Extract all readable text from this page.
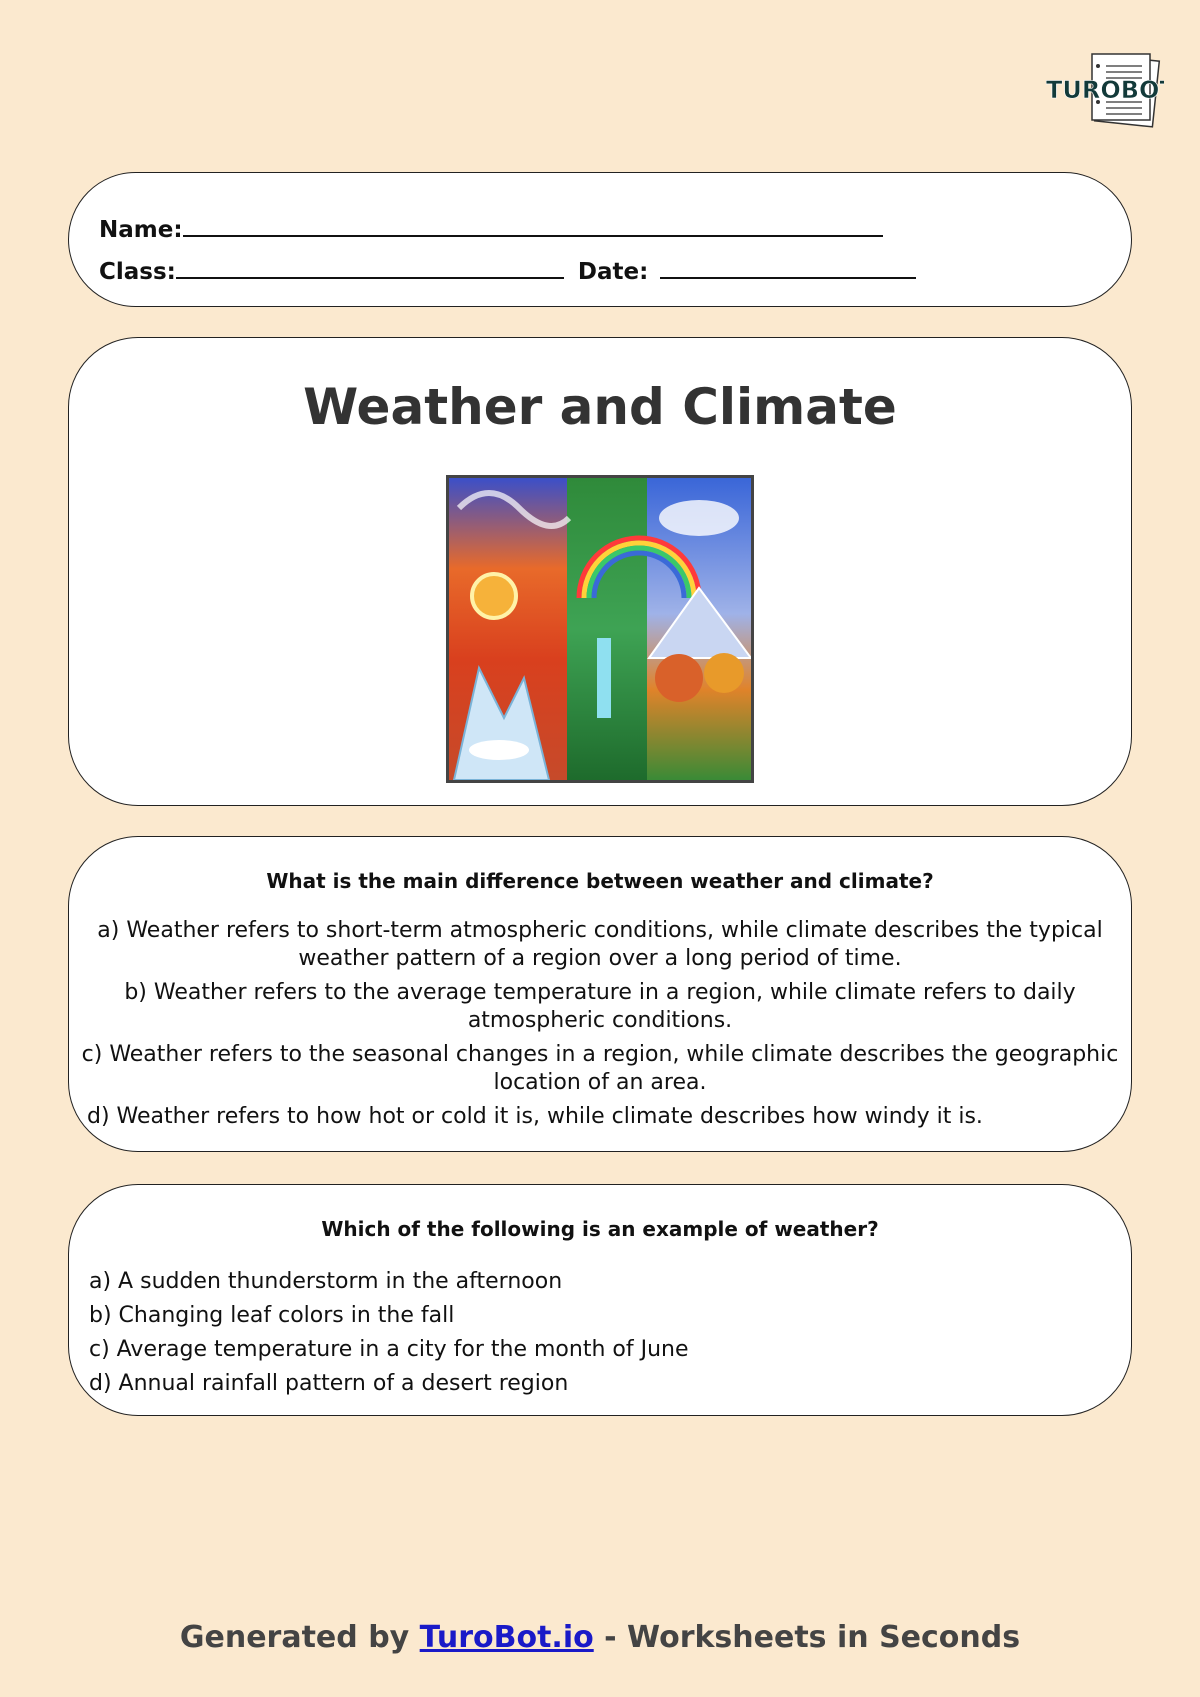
TUROBOT
Name:
Class:	Date:
Weather and Climate
What is the main difference between weather and climate?
a) Weather refers to short-term atmospheric conditions, while climate describes the typical weather pattern of a region over a long period of time.
b) Weather refers to the average temperature in a region, while climate refers to daily atmospheric conditions.
c) Weather refers to the seasonal changes in a region, while climate describes the geographic location of an area.
d) Weather refers to how hot or cold it is, while climate describes how windy it is.
Which of the following is an example of weather?
a) A sudden thunderstorm in the afternoon
b) Changing leaf colors in the fall
c) Average temperature in a city for the month of June
d) Annual rainfall pattern of a desert region
Generated by TuroBot.io - Worksheets in Seconds
